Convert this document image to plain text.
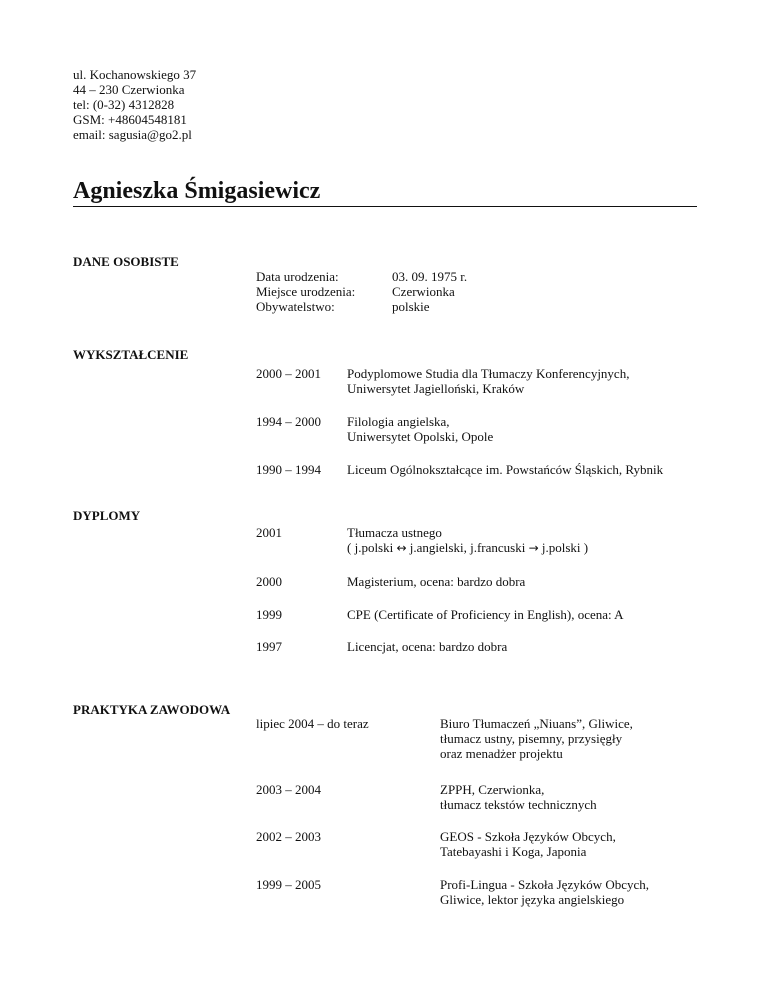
ul. Kochanowskiego 37
44 – 230 Czerwionka
tel: (0-32) 4312828
GSM: +48604548181
email: sagusia@go2.pl
Agnieszka Śmigasiewicz
DANE OSOBISTE
Data urodzenia:	03. 09. 1975 r.
Miejsce urodzenia:	Czerwionka
Obywatelstwo:	polskie
WYKSZTAŁCENIE
2000 – 2001 Podyplomowe Studia dla Tłumaczy Konferencyjnych,
Uniwersytet Jagielloński, Kraków
1994 – 2000 Filologia angielska,
Uniwersytet Opolski, Opole
1990 – 1994 Liceum Ogólnokształcące im. Powstańców Śląskich, Rybnik
DYPLOMY
2001	Tłumacza ustnego
( j.polski ↔ j.angielski, j.francuski → j.polski )
2000	Magisterium, ocena: bardzo dobra
1999	CPE (Certificate of Proficiency in English), ocena: A
1997	Licencjat, ocena: bardzo dobra
PRAKTYKA ZAWODOWA
lipiec 2004 – do teraz	Biuro Tłumaczeń „Niuans”, Gliwice,
tłumacz ustny, pisemny, przysięgły
oraz menadżer projektu
2003 – 2004	ZPPH, Czerwionka,
tłumacz tekstów technicznych
2002 – 2003	GEOS - Szkoła Języków Obcych,
Tatebayashi i Koga, Japonia
1999 – 2005	Profi-Lingua - Szkoła Języków Obcych,
Gliwice, lektor języka angielskiego
